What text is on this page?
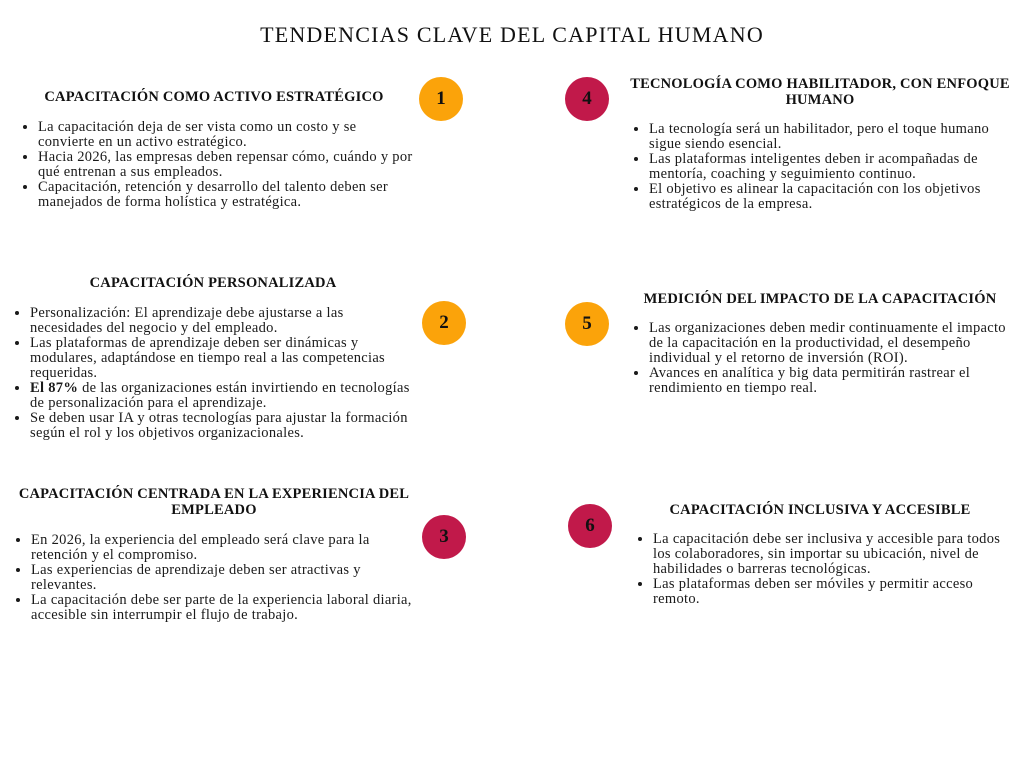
TENDENCIAS CLAVE DEL CAPITAL HUMANO
CAPACITACIÓN COMO ACTIVO ESTRATÉGICO
• La capacitación deja de ser vista como un costo y se convierte en un activo estratégico.
• Hacia 2026, las empresas deben repensar cómo, cuándo y por qué entrenan a sus empleados.
• Capacitación, retención y desarrollo del talento deben ser manejados de forma holística y estratégica.
1
CAPACITACIÓN PERSONALIZADA
• Personalización: El aprendizaje debe ajustarse a las necesidades del negocio y del empleado.
• Las plataformas de aprendizaje deben ser dinámicas y modulares, adaptándose en tiempo real a las competencias requeridas.
• El 87% de las organizaciones están invirtiendo en tecnologías de personalización para el aprendizaje.
• Se deben usar IA y otras tecnologías para ajustar la formación según el rol y los objetivos organizacionales.
2
CAPACITACIÓN CENTRADA EN LA EXPERIENCIA DEL EMPLEADO
• En 2026, la experiencia del empleado será clave para la retención y el compromiso.
• Las experiencias de aprendizaje deben ser atractivas y relevantes.
• La capacitación debe ser parte de la experiencia laboral diaria, accesible sin interrumpir el flujo de trabajo.
3
TECNOLOGÍA COMO HABILITADOR, CON ENFOQUE HUMANO
• La tecnología será un habilitador, pero el toque humano sigue siendo esencial.
• Las plataformas inteligentes deben ir acompañadas de mentoría, coaching y seguimiento continuo.
• El objetivo es alinear la capacitación con los objetivos estratégicos de la empresa.
4
MEDICIÓN DEL IMPACTO DE LA CAPACITACIÓN
• Las organizaciones deben medir continuamente el impacto de la capacitación en la productividad, el desempeño individual y el retorno de inversión (ROI).
• Avances en analítica y big data permitirán rastrear el rendimiento en tiempo real.
5
CAPACITACIÓN INCLUSIVA Y ACCESIBLE
• La capacitación debe ser inclusiva y accesible para todos los colaboradores, sin importar su ubicación, nivel de habilidades o barreras tecnológicas.
• Las plataformas deben ser móviles y permitir acceso remoto.
6
